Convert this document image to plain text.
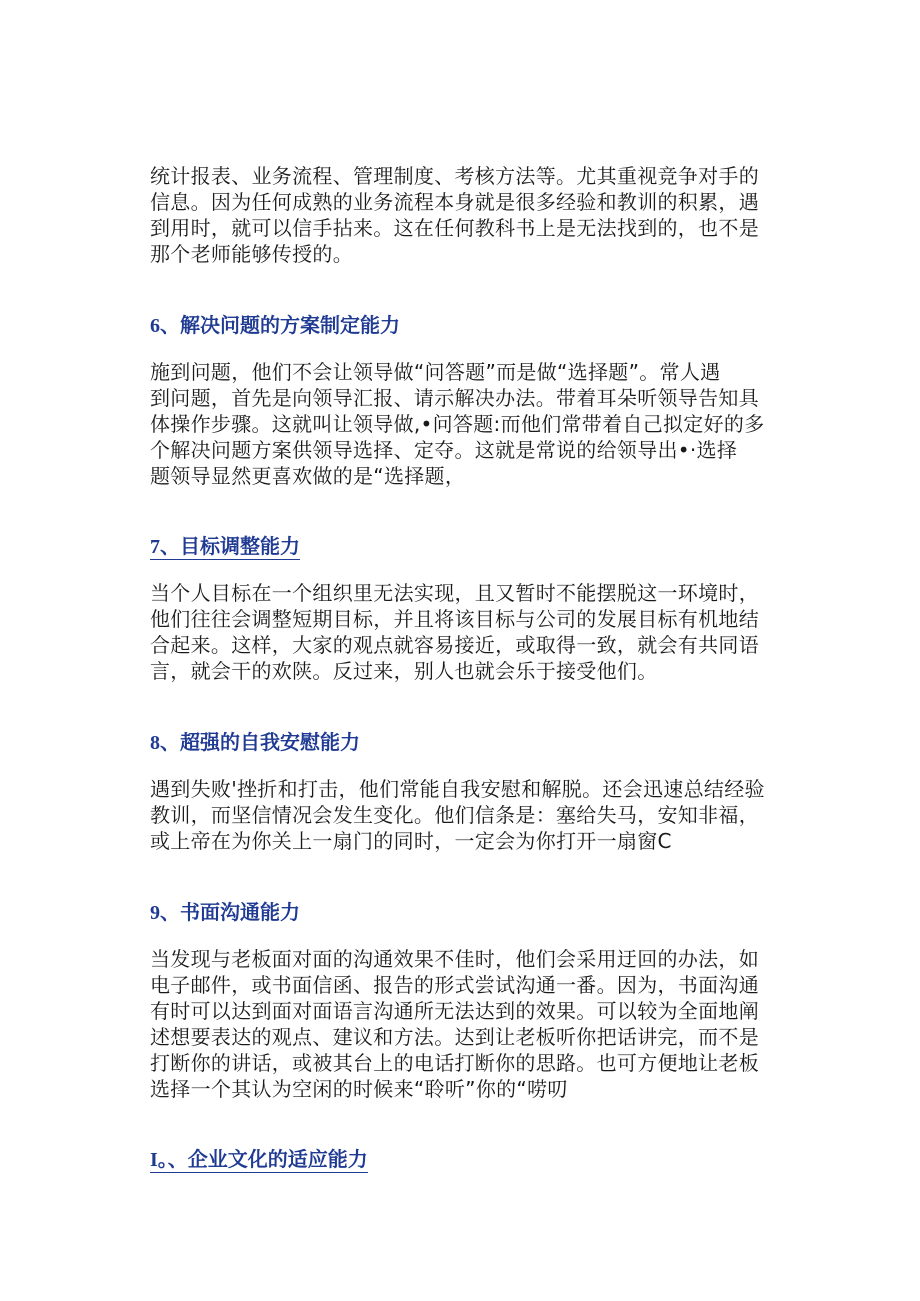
统计报表、业务流程、管理制度、考核方法等。尤其重视竞争对手的
信息。因为任何成熟的业务流程本身就是很多经验和教训的积累，遇
到用时，就可以信手拈来。这在任何教科书上是无法找到的，也不是
那个老师能够传授的。

6、解决问题的方案制定能力

施到问题，他们不会让领导做“问答题”而是做“选择题”。常人遇
到问题，首先是向领导汇报、请示解决办法。带着耳朵听领导告知具
体操作步骤。这就叫让领导做,•问答题:而他们常带着自己拟定好的多
个解决问题方案供领导选择、定夺。这就是常说的给领导出•·选择
题领导显然更喜欢做的是“选择题，

7、目标调整能力

当个人目标在一个组织里无法实现，且又暂时不能摆脱这一环境时，
他们往往会调整短期目标，并且将该目标与公司的发展目标有机地结
合起来。这样，大家的观点就容易接近，或取得一致，就会有共同语
言，就会干的欢陕。反过来，别人也就会乐于接受他们。

8、超强的自我安慰能力

遇到失败'挫折和打击，他们常能自我安慰和解脱。还会迅速总结经验
教训，而坚信情况会发生变化。他们信条是：塞给失马，安知非福，
或上帝在为你关上一扇门的同时，一定会为你打开一扇窗C

9、书面沟通能力

当发现与老板面对面的沟通效果不佳时，他们会采用迂回的办法，如
电子邮件，或书面信函、报告的形式尝试沟通一番。因为，书面沟通
有时可以达到面对面语言沟通所无法达到的效果。可以较为全面地阐
述想要表达的观点、建议和方法。达到让老板听你把话讲完，而不是
打断你的讲话，或被其台上的电话打断你的思路。也可方便地让老板
选择一个其认为空闲的时候来“聆听”你的“唠叨

I。、企业文化的适应能力
